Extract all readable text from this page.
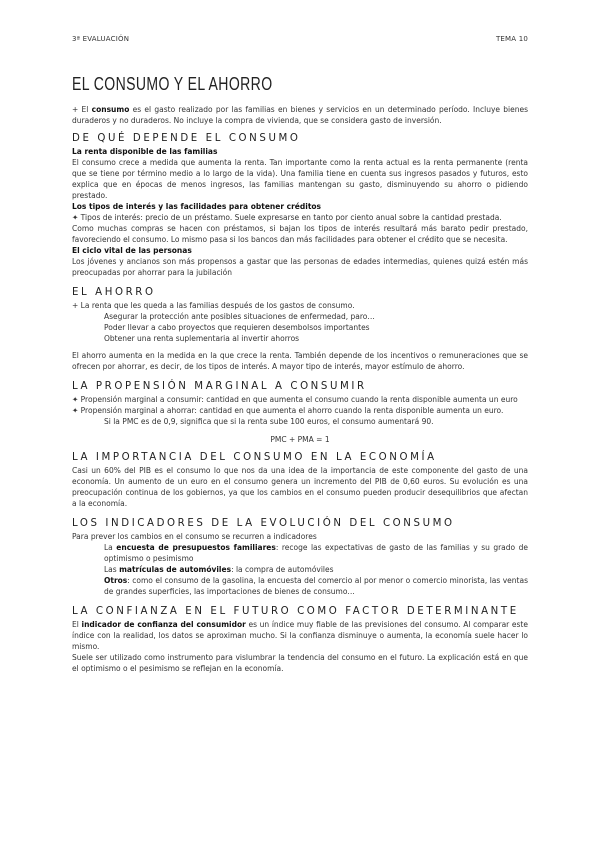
3ª EVALUACIÓN	TEMA 10
EL CONSUMO Y EL AHORRO

+ El consumo es el gasto realizado por las familias en bienes y servicios en un determinado período. Incluye bienes duraderos y no duraderos. No incluye la compra de vivienda, que se considera gasto de inversión.

DE QUÉ DEPENDE EL CONSUMO

La renta disponible de las familias

El consumo crece a medida que aumenta la renta. Tan importante como la renta actual es la renta permanente (renta que se tiene por término medio a lo largo de la vida). Una familia tiene en cuenta sus ingresos pasados y futuros, esto explica que en épocas de menos ingresos, las familias mantengan su gasto, disminuyendo su ahorro o pidiendo prestado.

Los tipos de interés y las facilidades para obtener créditos

✦ Tipos de interés: precio de un préstamo. Suele expresarse en tanto por ciento anual sobre la cantidad prestada.

Como muchas compras se hacen con préstamos, si bajan los tipos de interés resultará más barato pedir prestado, favoreciendo el consumo. Lo mismo pasa si los bancos dan más facilidades para obtener el crédito que se necesita.

El ciclo vital de las personas

Los jóvenes y ancianos son más propensos a gastar que las personas de edades intermedias, quienes quizá estén más preocupadas por ahorrar para la jubilación

EL AHORRO

+ La renta que les queda a las familias después de los gastos de consumo.

Asegurar la protección ante posibles situaciones de enfermedad, paro…

Poder llevar a cabo proyectos que requieren desembolsos importantes

Obtener una renta suplementaria al invertir ahorros

El ahorro aumenta en la medida en la que crece la renta. También depende de los incentivos o remuneraciones que se ofrecen por ahorrar, es decir, de los tipos de interés. A mayor tipo de interés, mayor estímulo de ahorro.

LA PROPENSIÓN MARGINAL A CONSUMIR

✦ Propensión marginal a consumir: cantidad en que aumenta el consumo cuando la renta disponible aumenta un euro

✦ Propensión marginal a ahorrar: cantidad en que aumenta el ahorro cuando la renta disponible aumenta un euro.

Si la PMC es de 0,9, significa que si la renta sube 100 euros, el consumo aumentará 90.

PMC + PMA = 1

LA IMPORTANCIA DEL CONSUMO EN LA ECONOMÍA

Casi un 60% del PIB es el consumo lo que nos da una idea de la importancia de este componente del gasto de una economía. Un aumento de un euro en el consumo genera un incremento del PIB de 0,60 euros. Su evolución es una preocupación continua de los gobiernos, ya que los cambios en el consumo pueden producir desequilibrios que afectan a la economía.

LOS INDICADORES DE LA EVOLUCIÓN DEL CONSUMO

Para prever los cambios en el consumo se recurren a indicadores

La encuesta de presupuestos familiares: recoge las expectativas de gasto de las familias y su grado de optimismo o pesimismo

Las matrículas de automóviles: la compra de automóviles

Otros: como el consumo de la gasolina, la encuesta del comercio al por menor o comercio minorista, las ventas de grandes superficies, las importaciones de bienes de consumo…

LA CONFIANZA EN EL FUTURO COMO FACTOR DETERMINANTE

El indicador de confianza del consumidor es un índice muy fiable de las previsiones del consumo. Al comparar este índice con la realidad, los datos se aproximan mucho. Si la confianza disminuye o aumenta, la economía suele hacer lo mismo.

Suele ser utilizado como instrumento para vislumbrar la tendencia del consumo en el futuro. La explicación está en que el optimismo o el pesimismo se reflejan en la economía.
